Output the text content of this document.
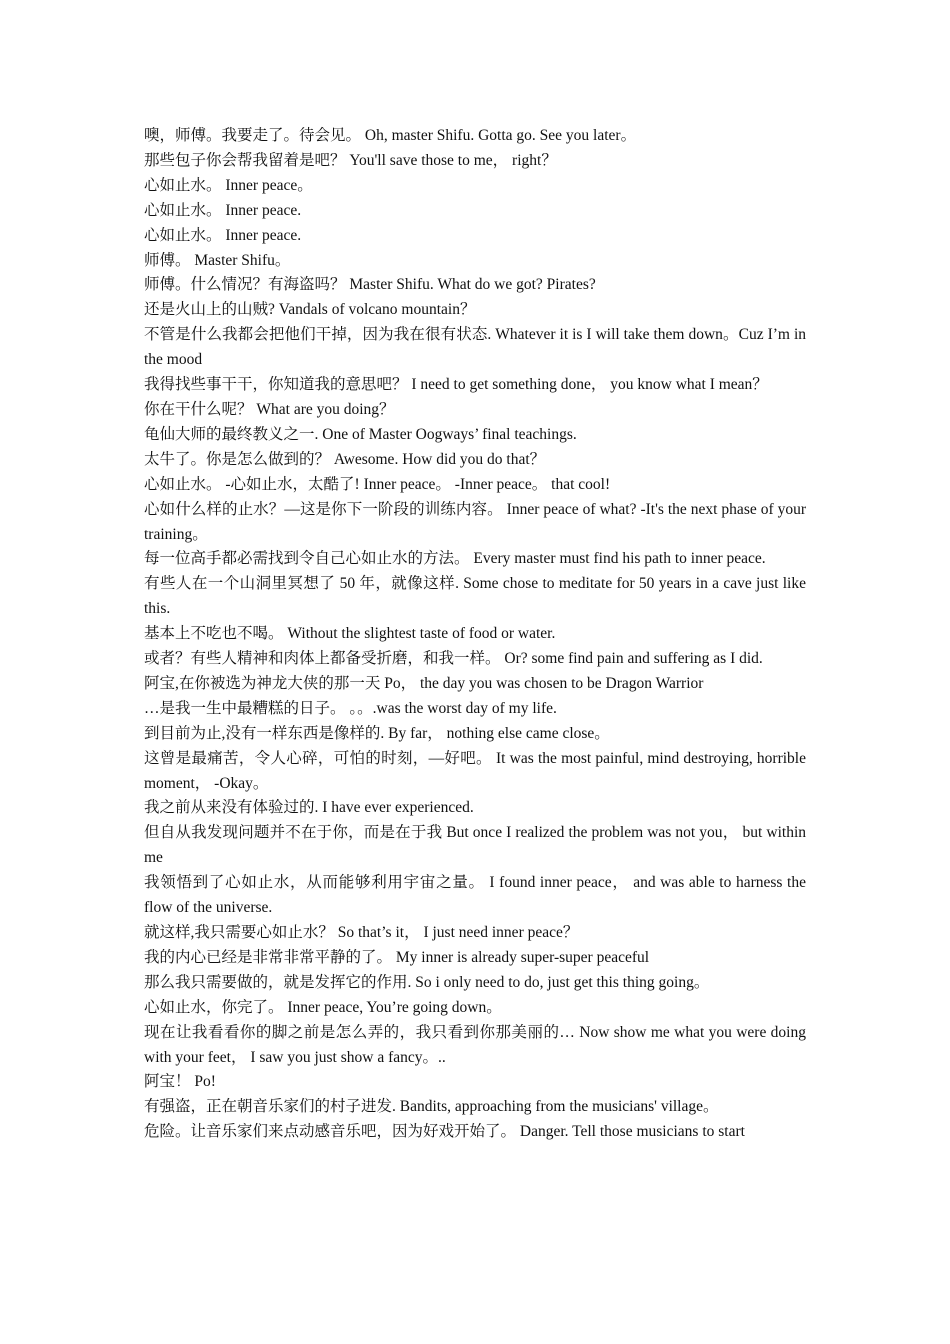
噢，师傅。我要走了。待会见。 Oh, master Shifu. Gotta go. See you later。

那些包子你会帮我留着是吧？ You'll save those to me， right？

心如止水。 Inner peace。

心如止水。 Inner peace.

心如止水。 Inner peace.

师傅。 Master Shifu。

师傅。什么情况？有海盗吗？ Master Shifu. What do we got? Pirates?

还是火山上的山贼? Vandals of volcano mountain？

不管是什么我都会把他们干掉，因为我在很有状态. Whatever it is I will take them down。Cuz I’m in the mood

我得找些事干干，你知道我的意思吧？ I need to get something done， you know what I mean？

你在干什么呢？ What are you doing？

龟仙大师的最终教义之一. One of Master Oogways’ final teachings.

太牛了。你是怎么做到的？ Awesome. How did you do that？

心如止水。 -心如止水，太酷了! Inner peace。 -Inner peace。 that cool!

心如什么样的止水？—这是你下一阶段的训练内容。 Inner peace of what? -It's the next phase of your training。

每一位高手都必需找到令自己心如止水的方法。 Every master must find his path to inner peace.

有些人在一个山洞里冥想了 50 年，就像这样. Some chose to meditate for 50 years in a cave just like this.

基本上不吃也不喝。 Without the slightest taste of food or water.

或者？有些人精神和肉体上都备受折磨，和我一样。 Or? some find pain and suffering as I did.

阿宝,在你被选为神龙大侠的那一天 Po， the day you was chosen to be Dragon Warrior

…是我一生中最糟糕的日子。 。。.was the worst day of my life.

到目前为止,没有一样东西是像样的. By far， nothing else came close。

这曾是最痛苦，令人心碎，可怕的时刻，—好吧。 It was the most painful, mind destroying, horrible moment， -Okay。

我之前从来没有体验过的. I have ever experienced.

但自从我发现问题并不在于你，而是在于我 But once I realized the problem was not you， but within me

我领悟到了心如止水，从而能够利用宇宙之量。 I found inner peace， and was able to harness the flow of the universe.

就这样,我只需要心如止水？ So that’s it， I just need inner peace？

我的内心已经是非常非常平静的了。 My inner is already super-super peaceful

那么我只需要做的，就是发挥它的作用. So i only need to do, just get this thing going。

心如止水，你完了。 Inner peace, You’re going down。

现在让我看看你的脚之前是怎么弄的，我只看到你那美丽的… Now show me what you were doing with your feet， I saw you just show a fancy。..

阿宝！ Po!

有强盗，正在朝音乐家们的村子进发. Bandits, approaching from the musicians' village。

危险。让音乐家们来点动感音乐吧，因为好戏开始了。 Danger. Tell those musicians to start
